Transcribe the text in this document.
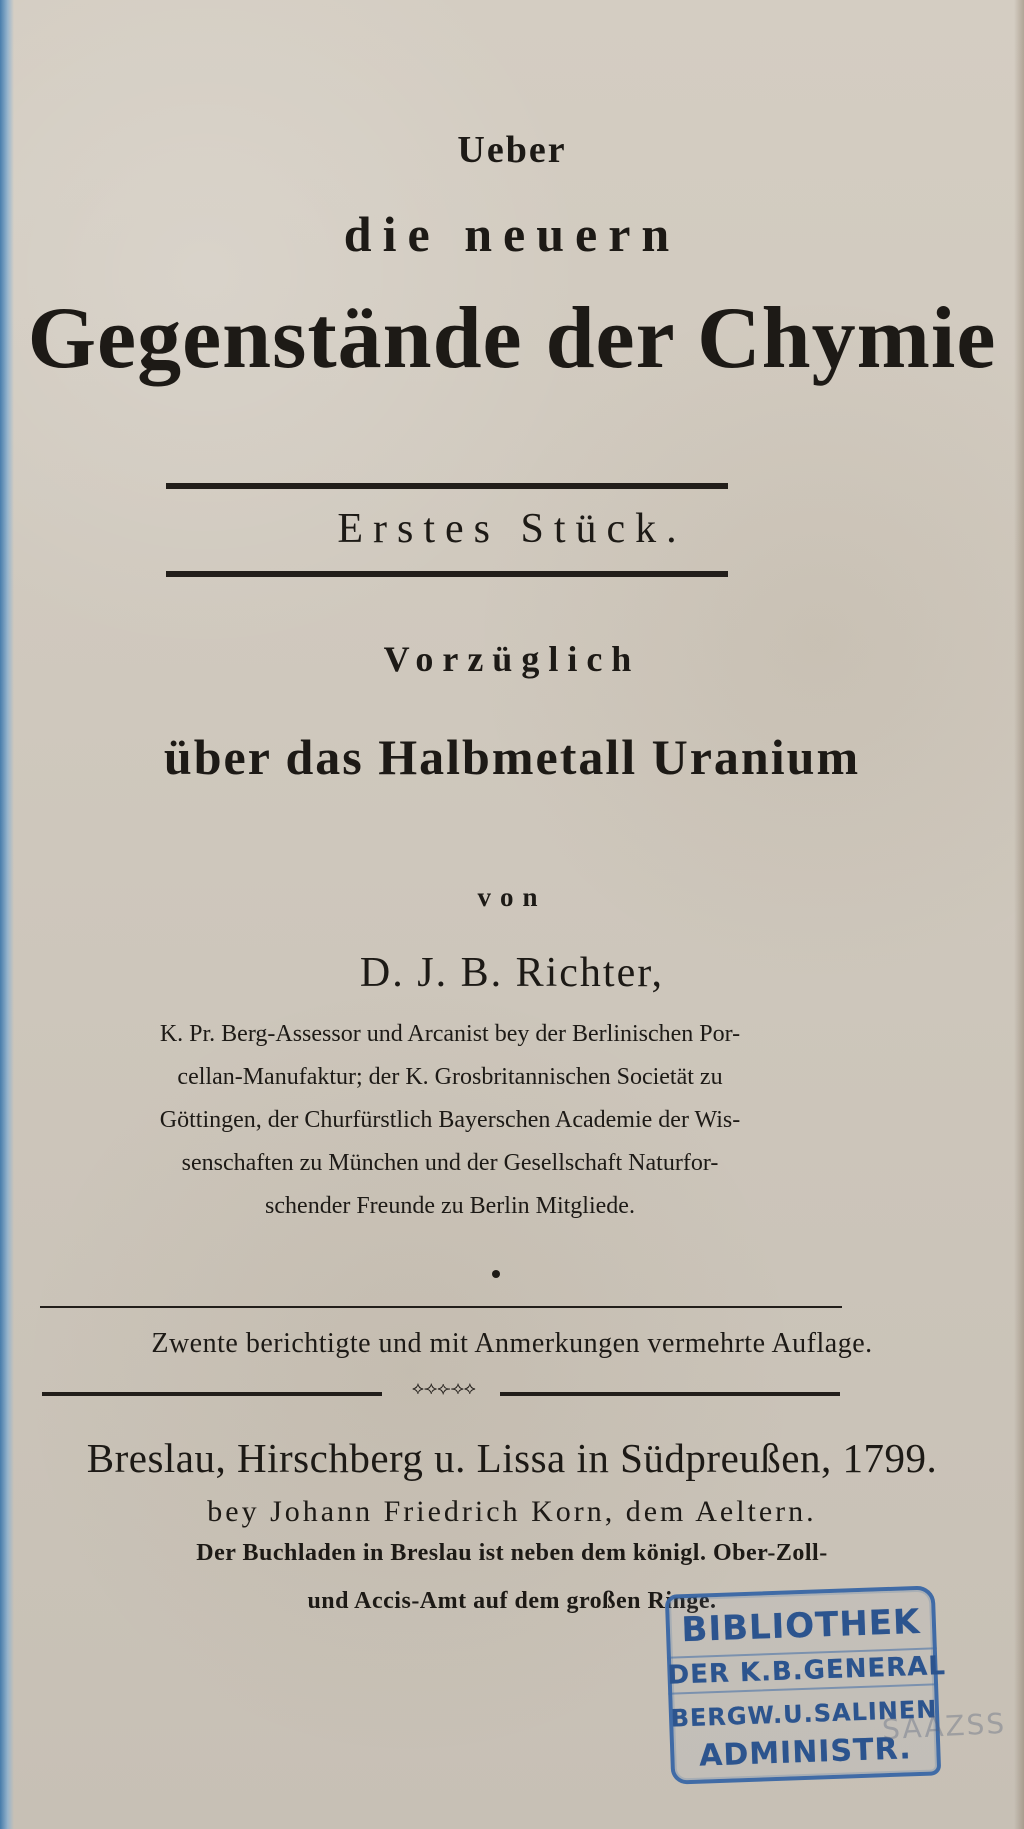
Ueber
die neuern
Gegenstände der Chymie
Erstes Stück.
Vorzüglich
über das Halbmetall Uranium
von
D. J. B. Richter,
K. Pr. Berg-Assessor und Arcanist bey der Berlinischen Por-
cellan-Manufaktur; der K. Grosbritannischen Societät zu
Göttingen, der Churfürstlich Bayerschen Academie der Wis-
senschaften zu München und der Gesellschaft Naturfor-
schender Freunde zu Berlin Mitgliede.
Zwente berichtigte und mit Anmerkungen vermehrte Auflage.
⟡⟢⟣⟢⟡
Breslau, Hirschberg u. Lissa in Südpreußen, 1799.
bey Johann Friedrich Korn, dem Aeltern.
Der Buchladen in Breslau ist neben dem königl. Ober-Zoll-
und Accis-Amt auf dem großen Ringe.
BIBLIOTHEK
DER K.B.GENERAL
BERGW.U.SALINEN
ADMINISTR.
SAAZSS
